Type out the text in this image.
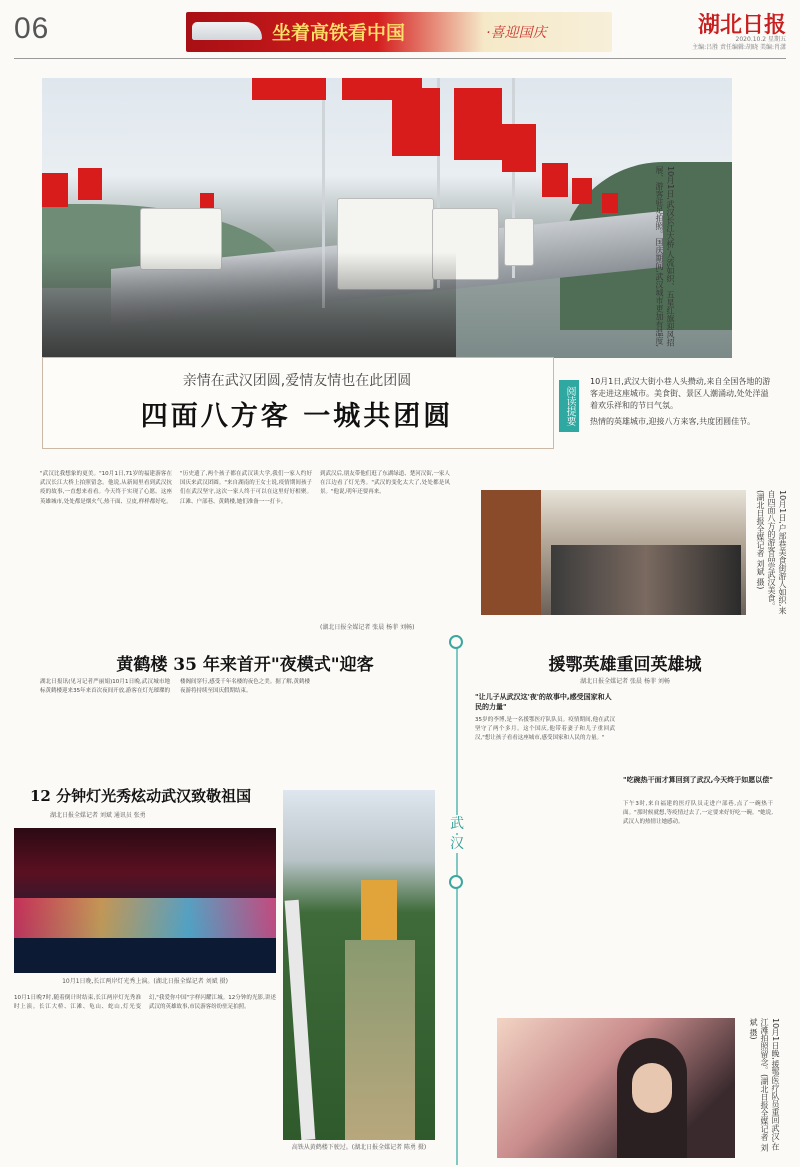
06	坐着高铁看中国	·喜迎国庆	湖北日报
2020.10.2 星期五
主编:吕胜 责任编辑:胡晓 美编:肖潇
10月1日,武汉长江大桥,人流如织、五星红旗迎风招展、游客驻足拍照。国庆期间,武汉城市更加有温度,
亲情在武汉团圆,爱情友情也在此团圆
四面八方客 一城共团圆	阅读提要

10月1日,武汉大街小巷人头攒动,来自全国各地的游客走进这座城市。美食街、景区人潮涌动,处处洋溢着欢乐祥和的节日气氛。

热情的英雄城市,迎接八方来客,共度团圆佳节。

"武汉比我想象的更美。"10月1日,71岁的福建游客在武汉长江大桥上拍照留念。他说,从新闻里看到武汉抗疫的故事,一直想来看看。今天终于实现了心愿。这座英雄城市,处处都是烟火气,热干面、豆皮,样样都好吃。

"历史遗了,两个孩子都在武汉读大学,我们一家人约好国庆来武汉团圆。"来自湖南的王女士说,疫情期间孩子们在武汉坚守,这次一家人终于可以在这里好好相聚。江滩、户部巷、黄鹤楼,她们准备一一打卡。

到武汉后,朋友带他们逛了东湖绿道、楚河汉街,一家人在江边看了灯光秀。"武汉的变化太大了,处处都是风景。"他说,明年还要再来。

(湖北日报全媒记者 张晨 杨菲 刘畅)
10月1日,户部巷美食街游人如织,来自四面八方的游客品尝武汉美食。(湖北日报全媒记者 刘斌 摄)
黄鹤楼 35 年来首开"夜模式"迎客

湖北日报讯(见习记者严丽娟)10月1日晚,武汉城市地标黄鹤楼迎来35年来首次夜间开放,游客在灯光璀璨的楼阁间穿行,感受千年名楼的夜色之美。据了解,黄鹤楼夜游将持续至国庆假期结束。

12 分钟灯光秀炫动武汉致敬祖国
湖北日报全媒记者 刘斌 通讯员 张勇
10月1日晚,长江两岸灯光秀上演。(湖北日报全媒记者 刘斌 摄)

10月1日晚7时,随着倒计时结束,长江两岸灯光秀准时上演。长江大桥、江滩、龟山、蛇山,灯光变幻,"我爱你中国"字样闪耀江城。12分钟的光影,讲述武汉的英雄故事,市民游客纷纷驻足拍照。

高铁从黄鹤楼下驶过。(湖北日报全媒记者 陈勇 摄)
武
汉
援鄂英雄重回英雄城
湖北日报全媒记者 张晨 杨菲 刘畅
"让儿子从武汉这'夜'的故事中,感受国家和人民的力量"

35岁的李博,是一名援鄂医疗队队员。疫情期间,他在武汉坚守了两个多月。这个国庆,他带着妻子和儿子重回武汉,"想让孩子看看这座城市,感受国家和人民的力量。"

"吃碗热干面才算回到了武汉,今天终于如愿以偿"

下午3时,来自福建的医疗队员走进户部巷,点了一碗热干面。"那时候就想,等疫情过去了,一定要来好好吃一碗。"她说,武汉人的热情让她感动。

10月1日晚,援鄂医疗队员重回武汉,在江滩拍照留念。(湖北日报全媒记者 刘斌 摄)
